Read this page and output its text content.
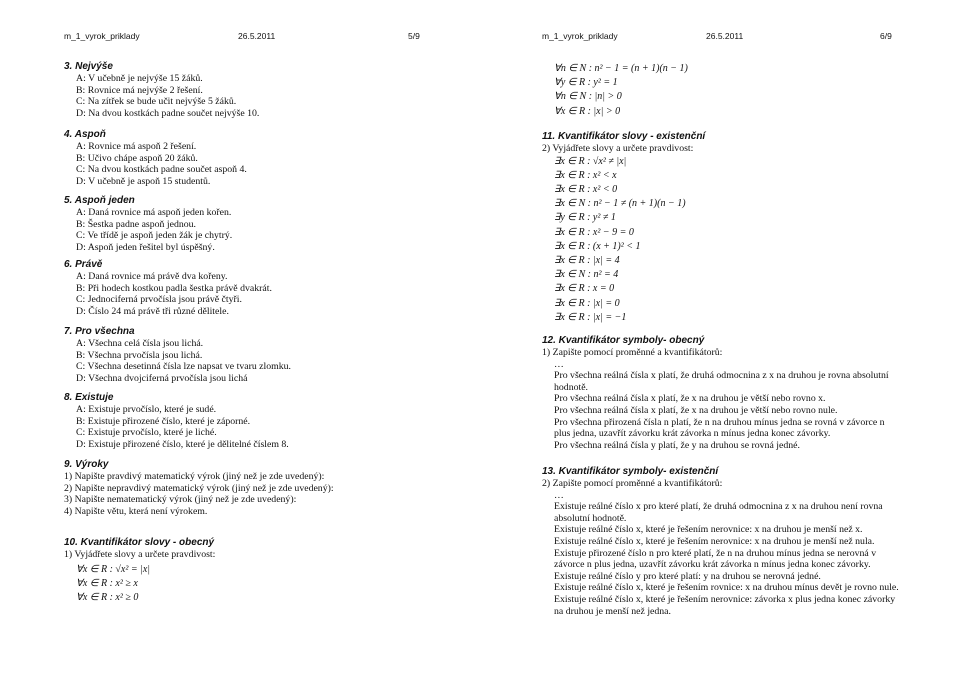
m_1_vyrok_priklady	26.5.2011	5/9
3. Nejvýše
A: V učebně je nejvýše 15 žáků.
B: Rovnice má nejvýše 2 řešení.
C: Na zítřek se bude učit nejvýše 5 žáků.
D: Na dvou kostkách padne součet nejvýše 10.
4. Aspoň
A: Rovnice má aspoň 2 řešení.
B: Učivo chápe aspoň 20 žáků.
C: Na dvou kostkách padne součet aspoň 4.
D: V učebně je aspoň 15 studentů.
5. Aspoň jeden
A: Daná rovnice má aspoň jeden kořen.
B: Šestka padne aspoň jednou.
C: Ve třídě je aspoň jeden žák je chytrý.
D: Aspoň jeden řešitel byl úspěšný.
6. Právě
A: Daná rovnice má právě dva kořeny.
B: Při hodech kostkou padla šestka právě dvakrát.
C: Jednociferná prvočísla jsou právě čtyři.
D: Číslo 24 má právě tři různé dělitele.
7. Pro všechna
A: Všechna celá čísla jsou lichá.
B: Všechna prvočísla jsou lichá.
C: Všechna desetinná čísla lze napsat ve tvaru zlomku.
D: Všechna dvojciferná prvočísla jsou lichá
8. Existuje
A: Existuje prvočíslo, které je sudé.
B: Existuje přirozené číslo, které je záporné.
C: Existuje prvočíslo, které je liché.
D: Existuje přirozené číslo, které je dělitelné číslem 8.
9. Výroky
1) Napište pravdivý matematický výrok (jiný než je zde uvedený):
2) Napište nepravdivý matematický výrok (jiný než je zde uvedený):
3) Napište nematematický výrok (jiný než je zde uvedený):
4) Napište větu, která není výrokem.
10. Kvantifikátor slovy - obecný
1) Vyjádřete slovy a určete pravdivost:
∀x ∈ R : √x² = |x|
∀x ∈ R : x² ≥ x
∀x ∈ R : x² ≥ 0
m_1_vyrok_priklady	26.5.2011	6/9
∀n ∈ N : n² − 1 = (n + 1)(n − 1)
∀y ∈ R : y² = 1
∀n ∈ N : |n| > 0
∀x ∈ R : |x| > 0
11. Kvantifikátor slovy - existenční
2) Vyjádřete slovy a určete pravdivost:
∃x ∈ R : √x² ≠ |x|
∃x ∈ R : x² < x
∃x ∈ R : x² < 0
∃x ∈ N : n² − 1 ≠ (n + 1)(n − 1)
∃y ∈ R : y² ≠ 1
∃x ∈ R : x² − 9 = 0
∃x ∈ R : (x + 1)² < 1
∃x ∈ R : |x| = 4
∃x ∈ N : n² = 4
∃x ∈ R : x = 0
∃x ∈ R : |x| = 0
∃x ∈ R : |x| = −1
12. Kvantifikátor symboly- obecný
1) Zapište pomocí proměnné a kvantifikátorů:
…
Pro všechna reálná čísla x platí, že druhá odmocnina z x na druhou je rovna absolutní hodnotě.
Pro všechna reálná čísla x platí, že x na druhou je větší nebo rovno x.
Pro všechna reálná čísla x platí, že x na druhou je větší nebo rovno nule.
Pro všechna přirozená čísla n platí, že n na druhou mínus jedna se rovná v závorce n plus jedna, uzavřít závorku krát závorka n mínus jedna konec závorky.
Pro všechna reálná čísla y platí, že y na druhou se rovná jedné.
13. Kvantifikátor symboly- existenční
2) Zapište pomocí proměnné a kvantifikátorů:
…
Existuje reálné číslo x pro které platí, že druhá odmocnina z x na druhou není rovna absolutní hodnotě.
Existuje reálné číslo x, které je řešením nerovnice: x na druhou je menší než x.
Existuje reálné číslo x, které je řešením nerovnice: x na druhou je menší než nula.
Existuje přirozené číslo n pro které platí, že n na druhou mínus jedna se nerovná v závorce n plus jedna, uzavřít závorku krát závorka n mínus jedna konec závorky.
Existuje reálné číslo y pro které platí: y na druhou se nerovná jedné.
Existuje reálné číslo x, které je řešením rovnice: x na druhou mínus devět je rovno nule.
Existuje reálné číslo x, které je řešením nerovnice: závorka x plus jedna konec závorky na druhou je menší než jedna.
